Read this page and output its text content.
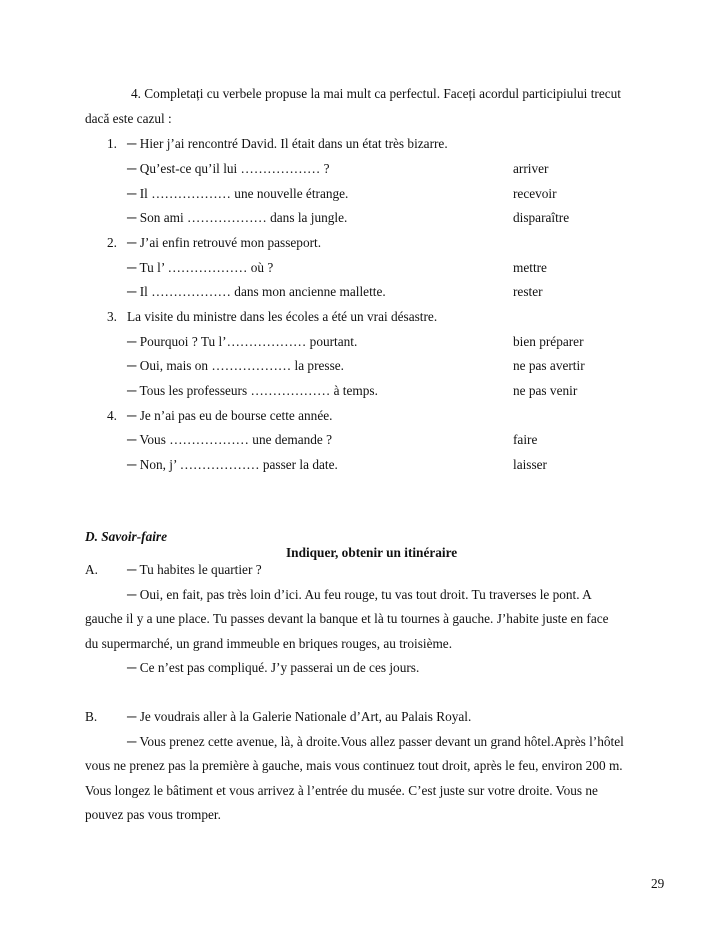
4. Completați cu verbele propuse la mai mult ca perfectul. Faceți acordul participiului trecut
dacă este cazul :
1. ─ Hier j’ai rencontré David. Il était dans un état très bizarre.
─ Qu’est-ce qu’il lui ……………… ?	arriver
─ Il ……………… une nouvelle étrange.	recevoir
─ Son ami ……………… dans la jungle.	disparaître
2. ─ J’ai enfin retrouvé mon passeport.
─ Tu l’ ……………… où ?	mettre
─ Il ……………… dans mon ancienne mallette.	rester
3. La visite du ministre dans les écoles a été un vrai désastre.
─ Pourquoi ? Tu l’……………… pourtant.	bien préparer
─ Oui, mais on ……………… la presse.	ne pas avertir
─ Tous les professeurs ……………… à temps.	ne pas venir
4. ─ Je n’ai pas eu de bourse cette année.
─ Vous ……………… une demande ?	faire
─ Non, j’ ……………… passer la date.	laisser
D. Savoir-faire
Indiquer, obtenir un itinéraire
A. ─ Tu habites le quartier ?
─ Oui, en fait, pas très loin d’ici. Au feu rouge, tu vas tout droit. Tu traverses le pont. A
gauche il y a une place. Tu passes devant la banque et là tu tournes à gauche. J’habite juste en face
du supermarché, un grand immeuble en briques rouges, au troisième.
─ Ce n’est pas compliqué. J’y passerai un de ces jours.
B. ─ Je voudrais aller à la Galerie Nationale d’Art, au Palais Royal.
─ Vous prenez cette avenue, là, à droite.Vous allez passer devant un grand hôtel.Après l’hôtel
vous ne prenez pas la première à gauche, mais vous continuez tout droit, après le feu, environ 200 m.
Vous longez le bâtiment et vous arrivez à l’entrée du musée. C’est juste sur votre droite. Vous ne
pouvez pas vous tromper.
29
